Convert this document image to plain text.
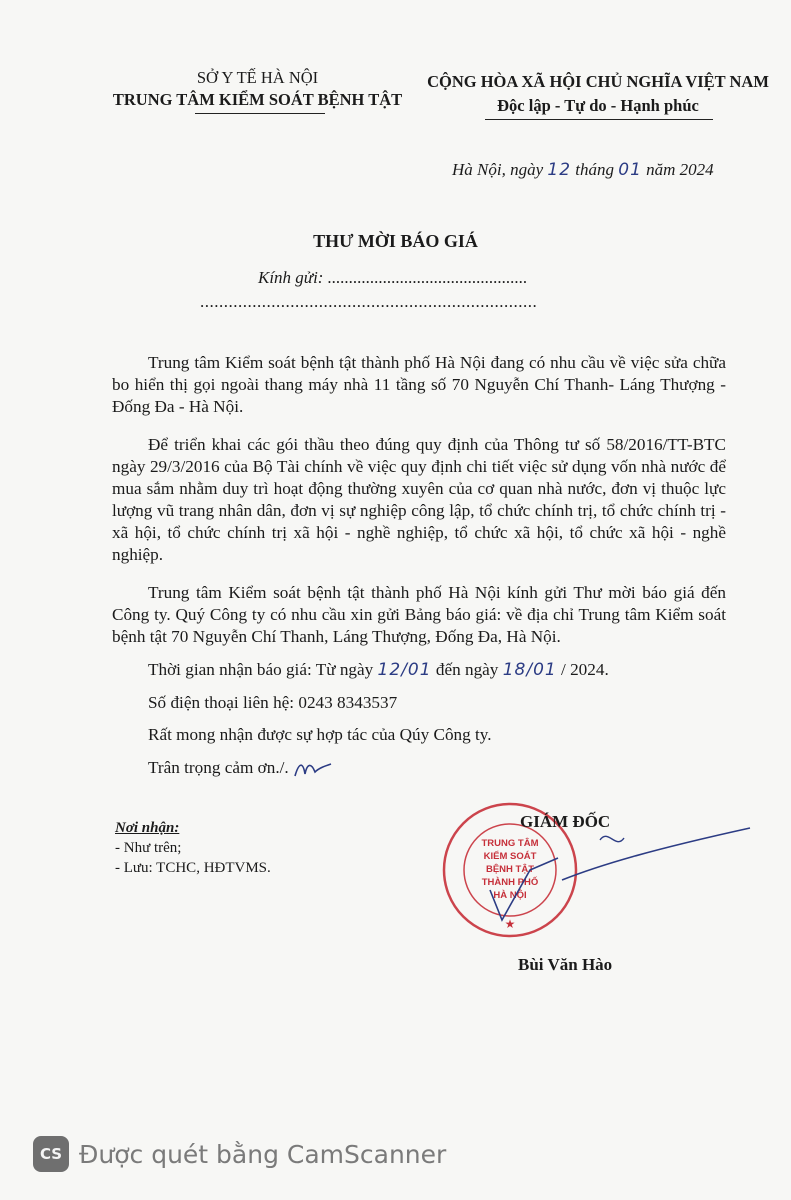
SỞ Y TẾ HÀ NỘI
TRUNG TÂM KIỂM SOÁT BỆNH TẬT
CỘNG HÒA XÃ HỘI CHỦ NGHĨA VIỆT NAM
Độc lập - Tự do - Hạnh phúc
Hà Nội, ngày 12 tháng 01 năm 2024
THƯ MỜI BÁO GIÁ
Kính gửi: ...............................................
.......................................................................
Trung tâm Kiểm soát bệnh tật thành phố Hà Nội đang có nhu cầu về việc sửa chữa bo hiển thị gọi ngoài thang máy nhà 11 tầng số 70 Nguyễn Chí Thanh- Láng Thượng - Đống Đa - Hà Nội.
Để triển khai các gói thầu theo đúng quy định của Thông tư số 58/2016/TT-BTC ngày 29/3/2016 của Bộ Tài chính về việc quy định chi tiết việc sử dụng vốn nhà nước để mua sắm nhằm duy trì hoạt động thường xuyên của cơ quan nhà nước, đơn vị thuộc lực lượng vũ trang nhân dân, đơn vị sự nghiệp công lập, tổ chức chính trị, tổ chức chính trị - xã hội, tổ chức chính trị xã hội - nghề nghiệp, tổ chức xã hội, tổ chức xã hội - nghề nghiệp.
Trung tâm Kiểm soát bệnh tật thành phố Hà Nội kính gửi Thư mời báo giá đến Công ty. Quý Công ty có nhu cầu xin gửi Bảng báo giá: về địa chỉ Trung tâm Kiểm soát bệnh tật 70 Nguyễn Chí Thanh, Láng Thượng, Đống Đa, Hà Nội.
Thời gian nhận báo giá: Từ ngày 12/01 đến ngày 18/01 / 2024.
Số điện thoại liên hệ: 0243 8343537
Rất mong nhận được sự hợp tác của Qúy Công ty.
Trân trọng cảm ơn./.
Nơi nhận:
- Như trên;
- Lưu: TCHC, HĐTVMS.
TRUNG TÂM
KIỂM SOÁT
BỆNH TẬT
THÀNH PHỐ
HÀ NỘI
★
GIÁM ĐỐC
Bùi Văn Hào
CS Được quét bằng CamScanner
